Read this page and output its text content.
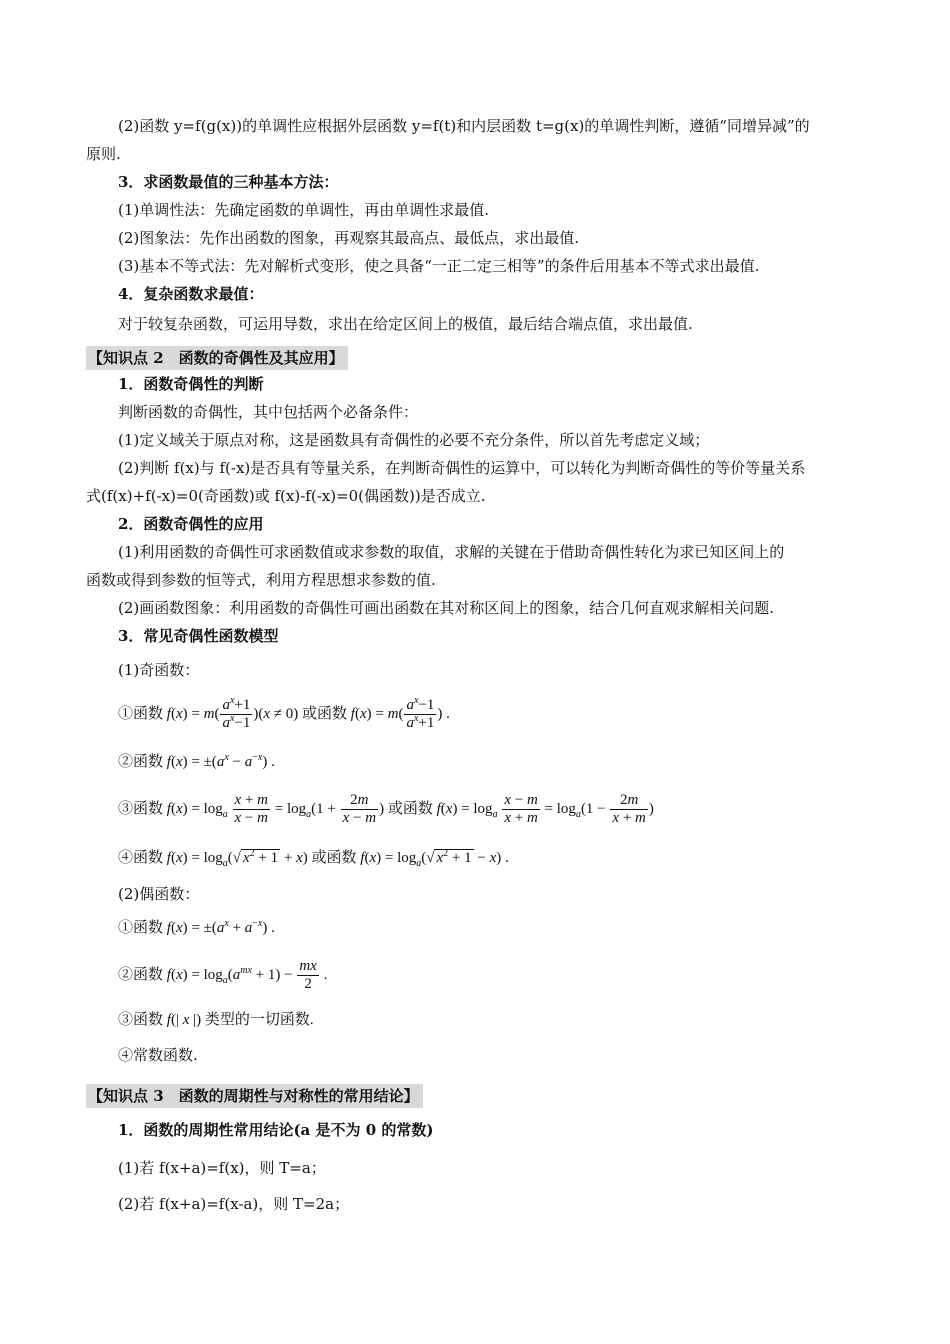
(2)函数 y=f(g(x))的单调性应根据外层函数 y=f(t)和内层函数 t=g(x)的单调性判断，遵循“同增异减”的
原则.
3．求函数最值的三种基本方法：
(1)单调性法：先确定函数的单调性，再由单调性求最值.
(2)图象法：先作出函数的图象，再观察其最高点、最低点，求出最值.
(3)基本不等式法：先对解析式变形，使之具备“一正二定三相等”的条件后用基本不等式求出最值.
4．复杂函数求最值：
对于较复杂函数，可运用导数，求出在给定区间上的极值，最后结合端点值，求出最值.
【知识点 2　函数的奇偶性及其应用】
1．函数奇偶性的判断
判断函数的奇偶性，其中包括两个必备条件：
(1)定义域关于原点对称，这是函数具有奇偶性的必要不充分条件，所以首先考虑定义域；
(2)判断 f(x)与 f(-x)是否具有等量关系，在判断奇偶性的运算中，可以转化为判断奇偶性的等价等量关系
式(f(x)+f(-x)=0(奇函数)或 f(x)-f(-x)=0(偶函数))是否成立.
2．函数奇偶性的应用
(1)利用函数的奇偶性可求函数值或求参数的取值，求解的关键在于借助奇偶性转化为求已知区间上的
函数或得到参数的恒等式，利用方程思想求参数的值.
(2)画函数图象：利用函数的奇偶性可画出函数在其对称区间上的图象，结合几何直观求解相关问题.
3．常见奇偶性函数模型
(1)奇函数：
①函数 $f(x) = m( \frac{a^x+1}{a^x-1} )(x \ne 0)$ 或函数 $f(x) = m( \frac{a^x-1}{a^x+1}$ ) .
②函数 $f(x) = \pm(a^x - a^{-x})$ .
③函数 $f(x) = \log_a \frac{x + m}{x - m} = \log_a(1 + \frac{2m}{x - m}$ ) 或函数 $f(x) = \log_a \frac{x - m}{x + m} = \log_a(1 - \frac{2m}{x + m}$ )
④函数 $f(x) = \log_a(√$ $x^2 + 1 + x$) 或函数 $f(x) = \log_a(√$ $x^2 + 1 - x$) .
(2)偶函数：
①函数 $f(x) = \pm(a^x + a^{-x})$ .
②函数 $f(x) = \log_a(a^{mx} + 1) - \frac{mx}{2}$ .
③函数 f(| x |) 类型的一切函数.
④常数函数.
【知识点 3　函数的周期性与对称性的常用结论】
1．函数的周期性常用结论(a 是不为 0 的常数)
(1)若 f(x+a)=f(x)，则 T=a；
(2)若 f(x+a)=f(x-a)，则 T=2a；
